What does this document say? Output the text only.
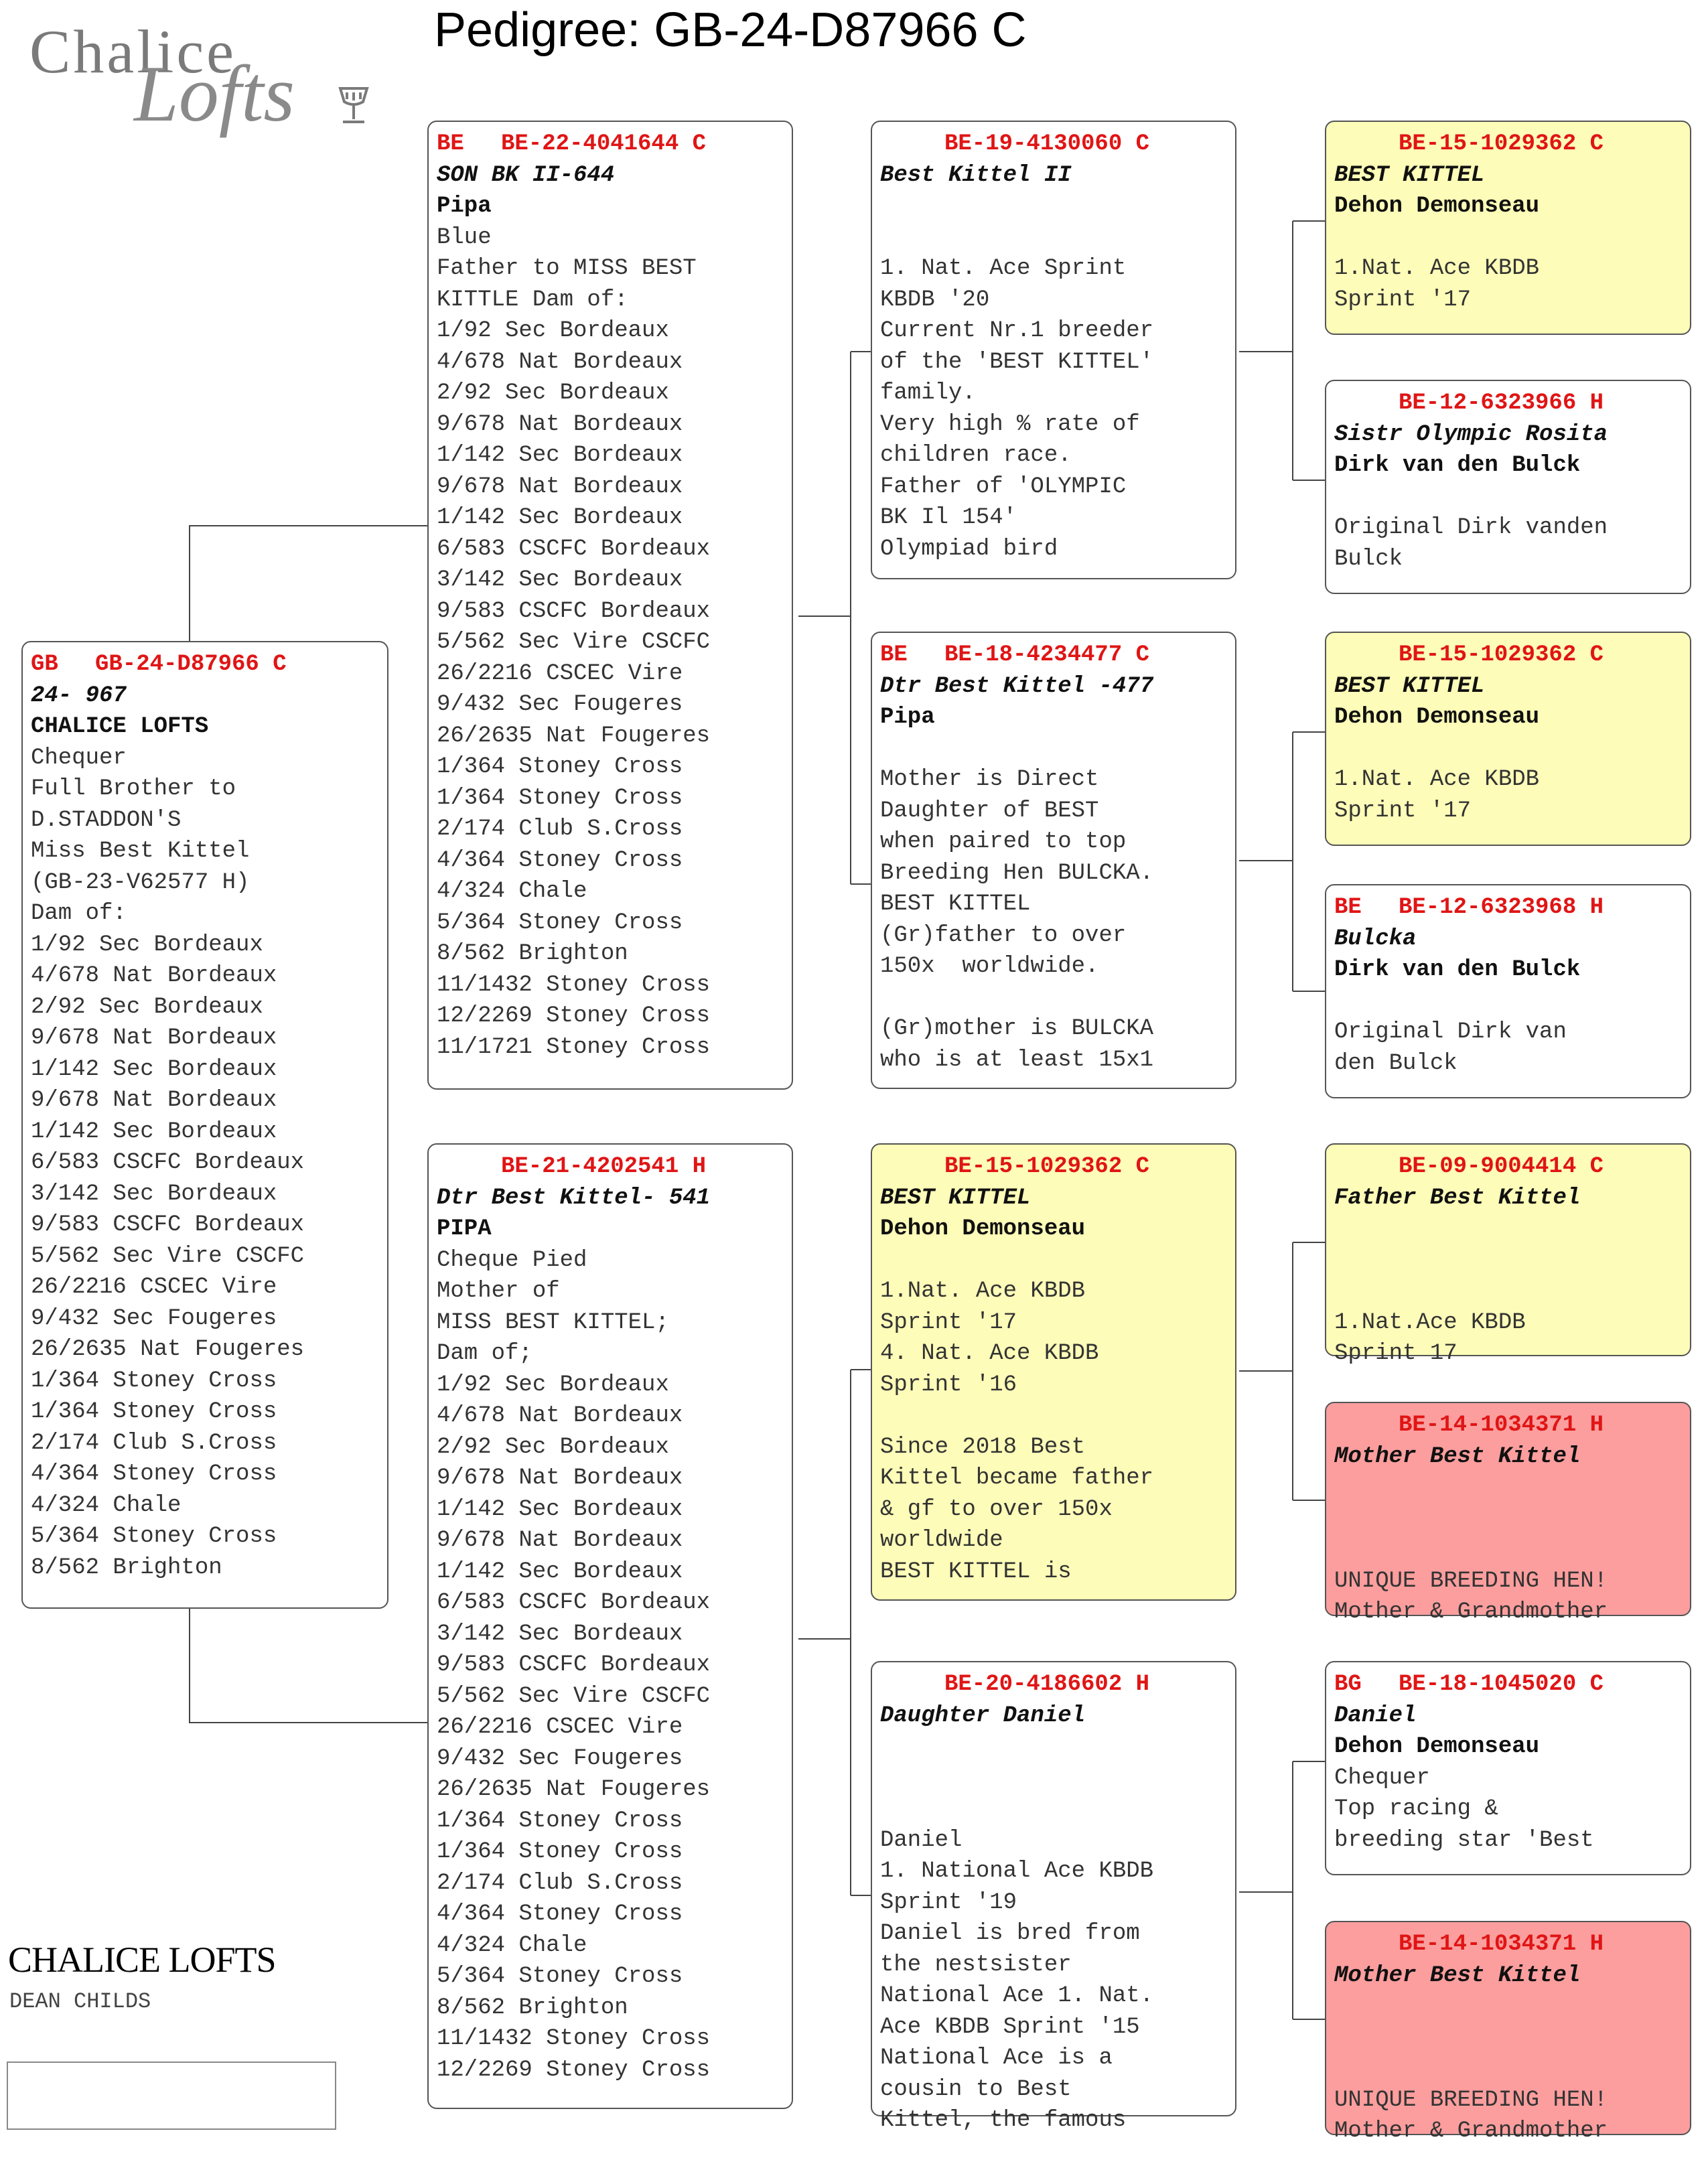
Pedigree: GB-24-D87966 C
Chalice
Lofts
GB GB-24-D87966 C
24- 967
CHALICE LOFTS
Chequer
Full Brother to
D.STADDON'S
Miss Best Kittel
(GB-23-V62577 H)
Dam of:
1/92 Sec Bordeaux
4/678 Nat Bordeaux
2/92 Sec Bordeaux
9/678 Nat Bordeaux
1/142 Sec Bordeaux
9/678 Nat Bordeaux
1/142 Sec Bordeaux
6/583 CSCFC Bordeaux
3/142 Sec Bordeaux
9/583 CSCFC Bordeaux
5/562 Sec Vire CSCFC
26/2216 CSCEC Vire
9/432 Sec Fougeres
26/2635 Nat Fougeres
1/364 Stoney Cross
1/364 Stoney Cross
2/174 Club S.Cross
4/364 Stoney Cross
4/324 Chale
5/364 Stoney Cross
8/562 Brighton
BE BE-22-4041644 C
SON BK II-644
Pipa
Blue
Father to MISS BEST
KITTLE Dam of:
1/92 Sec Bordeaux
4/678 Nat Bordeaux
2/92 Sec Bordeaux
9/678 Nat Bordeaux
1/142 Sec Bordeaux
9/678 Nat Bordeaux
1/142 Sec Bordeaux
6/583 CSCFC Bordeaux
3/142 Sec Bordeaux
9/583 CSCFC Bordeaux
5/562 Sec Vire CSCFC
26/2216 CSCEC Vire
9/432 Sec Fougeres
26/2635 Nat Fougeres
1/364 Stoney Cross
1/364 Stoney Cross
2/174 Club S.Cross
4/364 Stoney Cross
4/324 Chale
5/364 Stoney Cross
8/562 Brighton
11/1432 Stoney Cross
12/2269 Stoney Cross
11/1721 Stoney Cross
BE-21-4202541 H
Dtr Best Kittel- 541
PIPA
Cheque Pied
Mother of
MISS BEST KITTEL;
Dam of;
1/92 Sec Bordeaux
4/678 Nat Bordeaux
2/92 Sec Bordeaux
9/678 Nat Bordeaux
1/142 Sec Bordeaux
9/678 Nat Bordeaux
1/142 Sec Bordeaux
6/583 CSCFC Bordeaux
3/142 Sec Bordeaux
9/583 CSCFC Bordeaux
5/562 Sec Vire CSCFC
26/2216 CSCEC Vire
9/432 Sec Fougeres
26/2635 Nat Fougeres
1/364 Stoney Cross
1/364 Stoney Cross
2/174 Club S.Cross
4/364 Stoney Cross
4/324 Chale
5/364 Stoney Cross
8/562 Brighton
11/1432 Stoney Cross
12/2269 Stoney Cross
BE-19-4130060 C
Best Kittel II
1. Nat. Ace Sprint
KBDB '20
Current Nr.1 breeder
of the 'BEST KITTEL'
family.
Very high % rate of
children race.
Father of 'OLYMPIC
BK Il 154'
Olympiad bird
BE BE-18-4234477 C
Dtr Best Kittel -477
Pipa
Mother is Direct
Daughter of BEST
when paired to top
Breeding Hen BULCKA.
BEST KITTEL
(Gr)father to over
150x  worldwide.
(Gr)mother is BULCKA
who is at least 15x1
BE-15-1029362 C
BEST KITTEL
Dehon Demonseau
1.Nat. Ace KBDB
Sprint '17
4. Nat. Ace KBDB
Sprint '16
Since 2018 Best
Kittel became father
& gf to over 150x
worldwide
BEST KITTEL is
BE-20-4186602 H
Daughter Daniel
Daniel
1. National Ace KBDB
Sprint '19
Daniel is bred from
the nestsister
National Ace 1. Nat.
Ace KBDB Sprint '15
National Ace is a
cousin to Best
Kittel, the famous
BE-15-1029362 C
BEST KITTEL
Dehon Demonseau
1.Nat. Ace KBDB
Sprint '17
BE-12-6323966 H
Sistr Olympic Rosita
Dirk van den Bulck
Original Dirk vanden
Bulck
BE-15-1029362 C
BEST KITTEL
Dehon Demonseau
1.Nat. Ace KBDB
Sprint '17
BE BE-12-6323968 H
Bulcka
Dirk van den Bulck
Original Dirk van
den Bulck
BE-09-9004414 C
Father Best Kittel
1.Nat.Ace KBDB
Sprint 17
BE-14-1034371 H
Mother Best Kittel
UNIQUE BREEDING HEN!
Mother & Grandmother
BG BE-18-1045020 C
Daniel
Dehon Demonseau
Chequer
Top racing &
breeding star 'Best
BE-14-1034371 H
Mother Best Kittel
UNIQUE BREEDING HEN!
Mother & Grandmother
CHALICE LOFTS
DEAN CHILDS
